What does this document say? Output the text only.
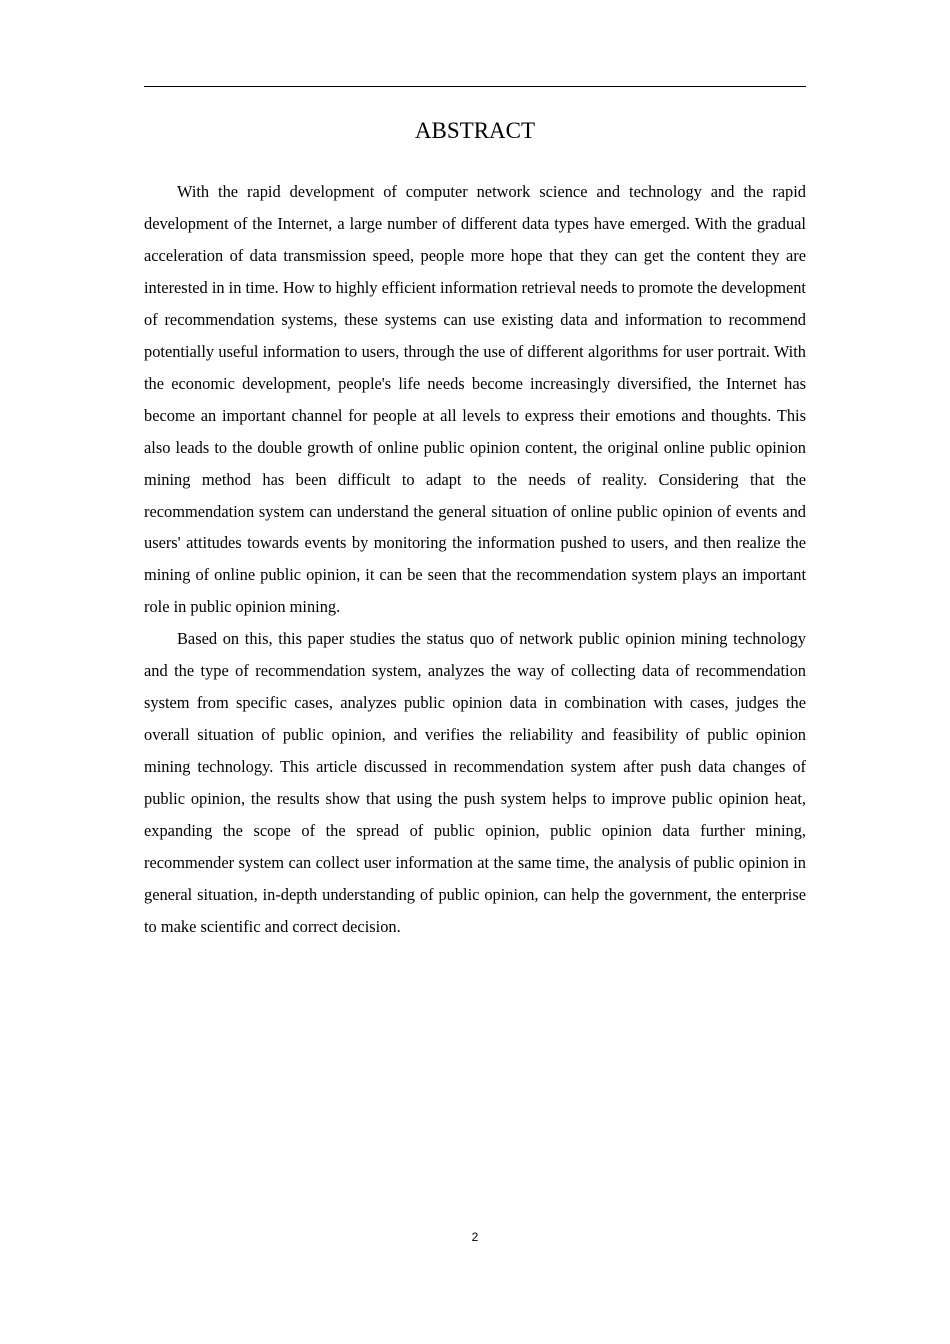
ABSTRACT

With the rapid development of computer network science and technology and the rapid development of the Internet, a large number of different data types have emerged. With the gradual acceleration of data transmission speed, people more hope that they can get the content they are interested in in time. How to highly efficient information retrieval needs to promote the development of recommendation systems, these systems can use existing data and information to recommend potentially useful information to users, through the use of different algorithms for user portrait. With the economic development, people's life needs become increasingly diversified, the Internet has become an important channel for people at all levels to express their emotions and thoughts. This also leads to the double growth of online public opinion content, the original online public opinion mining method has been difficult to adapt to the needs of reality. Considering that the recommendation system can understand the general situation of online public opinion of events and users' attitudes towards events by monitoring the information pushed to users, and then realize the mining of online public opinion, it can be seen that the recommendation system plays an important role in public opinion mining.

Based on this, this paper studies the status quo of network public opinion mining technology and the type of recommendation system, analyzes the way of collecting data of recommendation system from specific cases, analyzes public opinion data in combination with cases, judges the overall situation of public opinion, and verifies the reliability and feasibility of public opinion mining technology. This article discussed in recommendation system after push data changes of public opinion, the results show that using the push system helps to improve public opinion heat, expanding the scope of the spread of public opinion, public opinion data further mining, recommender system can collect user information at the same time, the analysis of public opinion in general situation, in-depth understanding of public opinion, can help the government, the enterprise to make scientific and correct decision.

2
